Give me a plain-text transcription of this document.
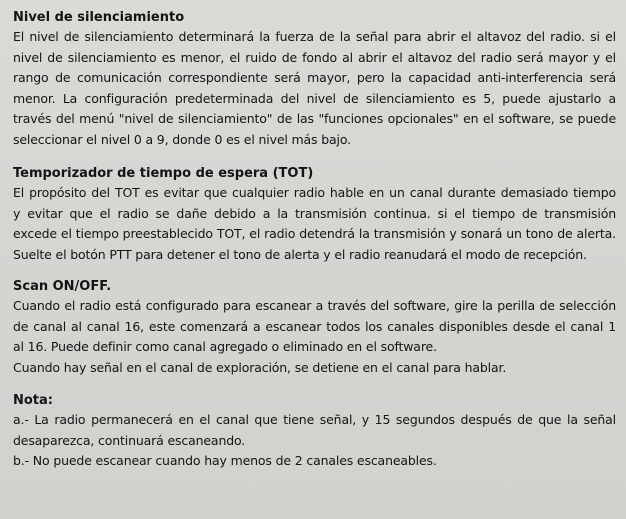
Nivel de silenciamiento
El nivel de silenciamiento determinará la fuerza de la señal para abrir el altavoz del radio. si el
nivel de silenciamiento es menor, el ruido de fondo al abrir el altavoz del radio será mayor y el
rango de comunicación correspondiente será mayor, pero la capacidad anti-interferencia será
menor. La configuración predeterminada del nivel de silenciamiento es 5, puede ajustarlo a
través del menú "nivel de silenciamiento" de las "funciones opcionales" en el software, se puede
seleccionar el nivel 0 a 9, donde 0 es el nivel más bajo.
Temporizador de tiempo de espera (TOT)
El propósito del TOT es evitar que cualquier radio hable en un canal durante demasiado tiempo
y evitar que el radio se dañe debido a la transmisión continua. si el tiempo de transmisión
excede el tiempo preestablecido TOT, el radio detendrá la transmisión y sonará un tono de alerta.
Suelte el botón PTT para detener el tono de alerta y el radio reanudará el modo de recepción.
Scan ON/OFF.
Cuando el radio está configurado para escanear a través del software, gire la perilla de selección
de canal al canal 16, este comenzará a escanear todos los canales disponibles desde el canal 1
al 16. Puede definir como canal agregado o eliminado en el software.
Cuando hay señal en el canal de exploración, se detiene en el canal para hablar.
Nota:
a.- La radio permanecerá en el canal que tiene señal, y 15 segundos después de que la señal
desaparezca, continuará escaneando.
b.- No puede escanear cuando hay menos de 2 canales escaneables.
